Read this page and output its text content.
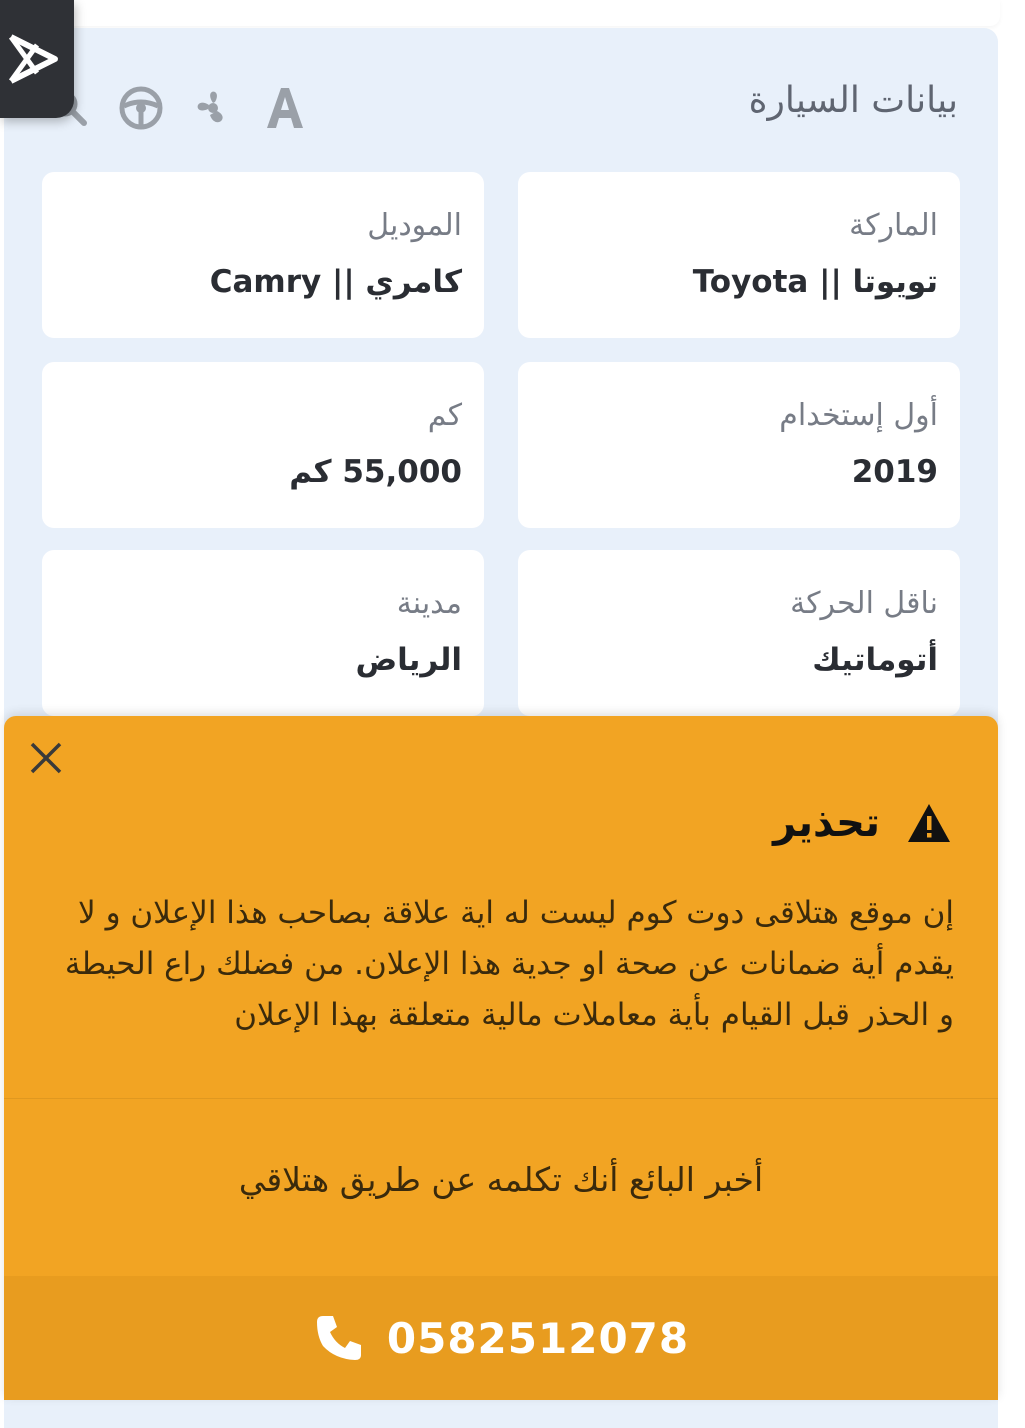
بيانات السيارة
الماركة
تويوتا || Toyota
الموديل
كامري || Camry
أول إستخدام
2019
كم
55,000 كم
ناقل الحركة
أتوماتيك
مدينة
الرياض
تحذير
إن موقع هتلاقى دوت كوم ليست له اية علاقة بصاحب هذا الإعلان و لا يقدم أية ضمانات عن صحة او جدية هذا الإعلان. من فضلك راع الحيطة و الحذر قبل القيام بأية معاملات مالية متعلقة بهذا الإعلان
أخبر البائع أنك تكلمه عن طريق هتلاقي
0582512078
